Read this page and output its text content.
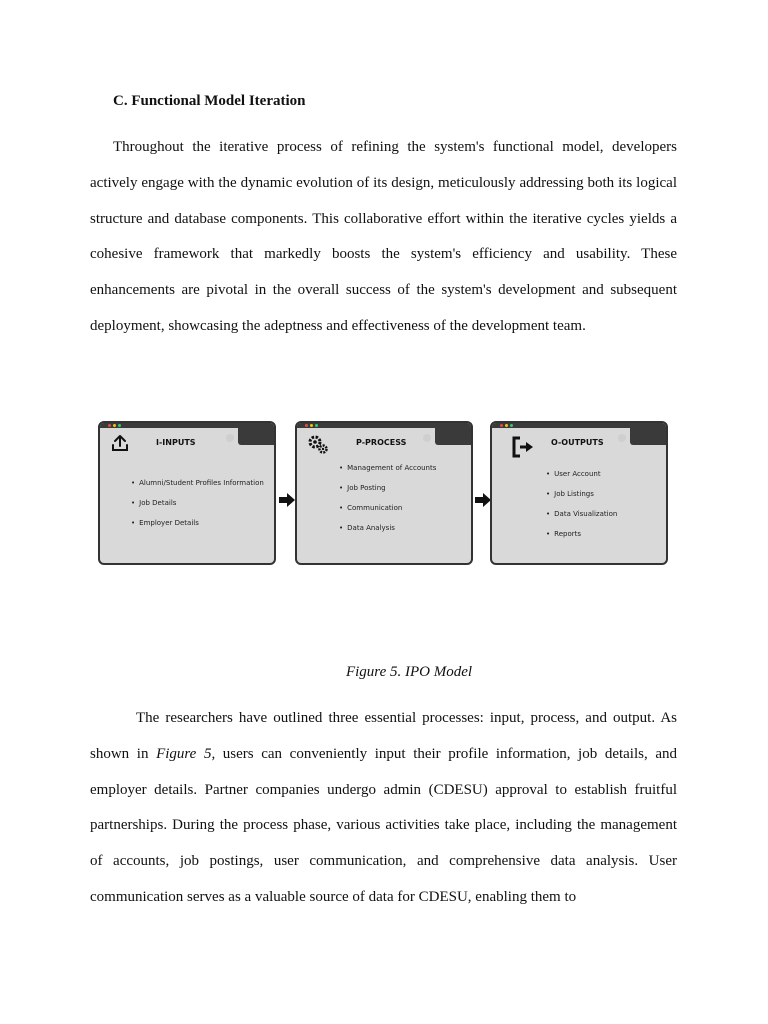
C. Functional Model Iteration

Throughout the iterative process of refining the system's functional model, developers actively engage with the dynamic evolution of its design, meticulously addressing both its logical structure and database components. This collaborative effort within the iterative cycles yields a cohesive framework that markedly boosts the system's efficiency and usability. These enhancements are pivotal in the overall success of the system's development and subsequent deployment, showcasing the adeptness and effectiveness of the development team.

I-INPUTS
• Alumni/Student Profiles Information
• Job Details
• Employer Details
P-PROCESS
• Management of Accounts
• Job Posting
• Communication
• Data Analysis
O-OUTPUTS
• User Account
• Job Listings
• Data Visualization
• Reports
Figure 5. IPO Model

The researchers have outlined three essential processes: input, process, and output. As shown in Figure 5, users can conveniently input their profile information, job details, and employer details. Partner companies undergo admin (CDESU) approval to establish fruitful partnerships. During the process phase, various activities take place, including the management of accounts, job postings, user communication, and comprehensive data analysis. User communication serves as a valuable source of data for CDESU, enabling them to
